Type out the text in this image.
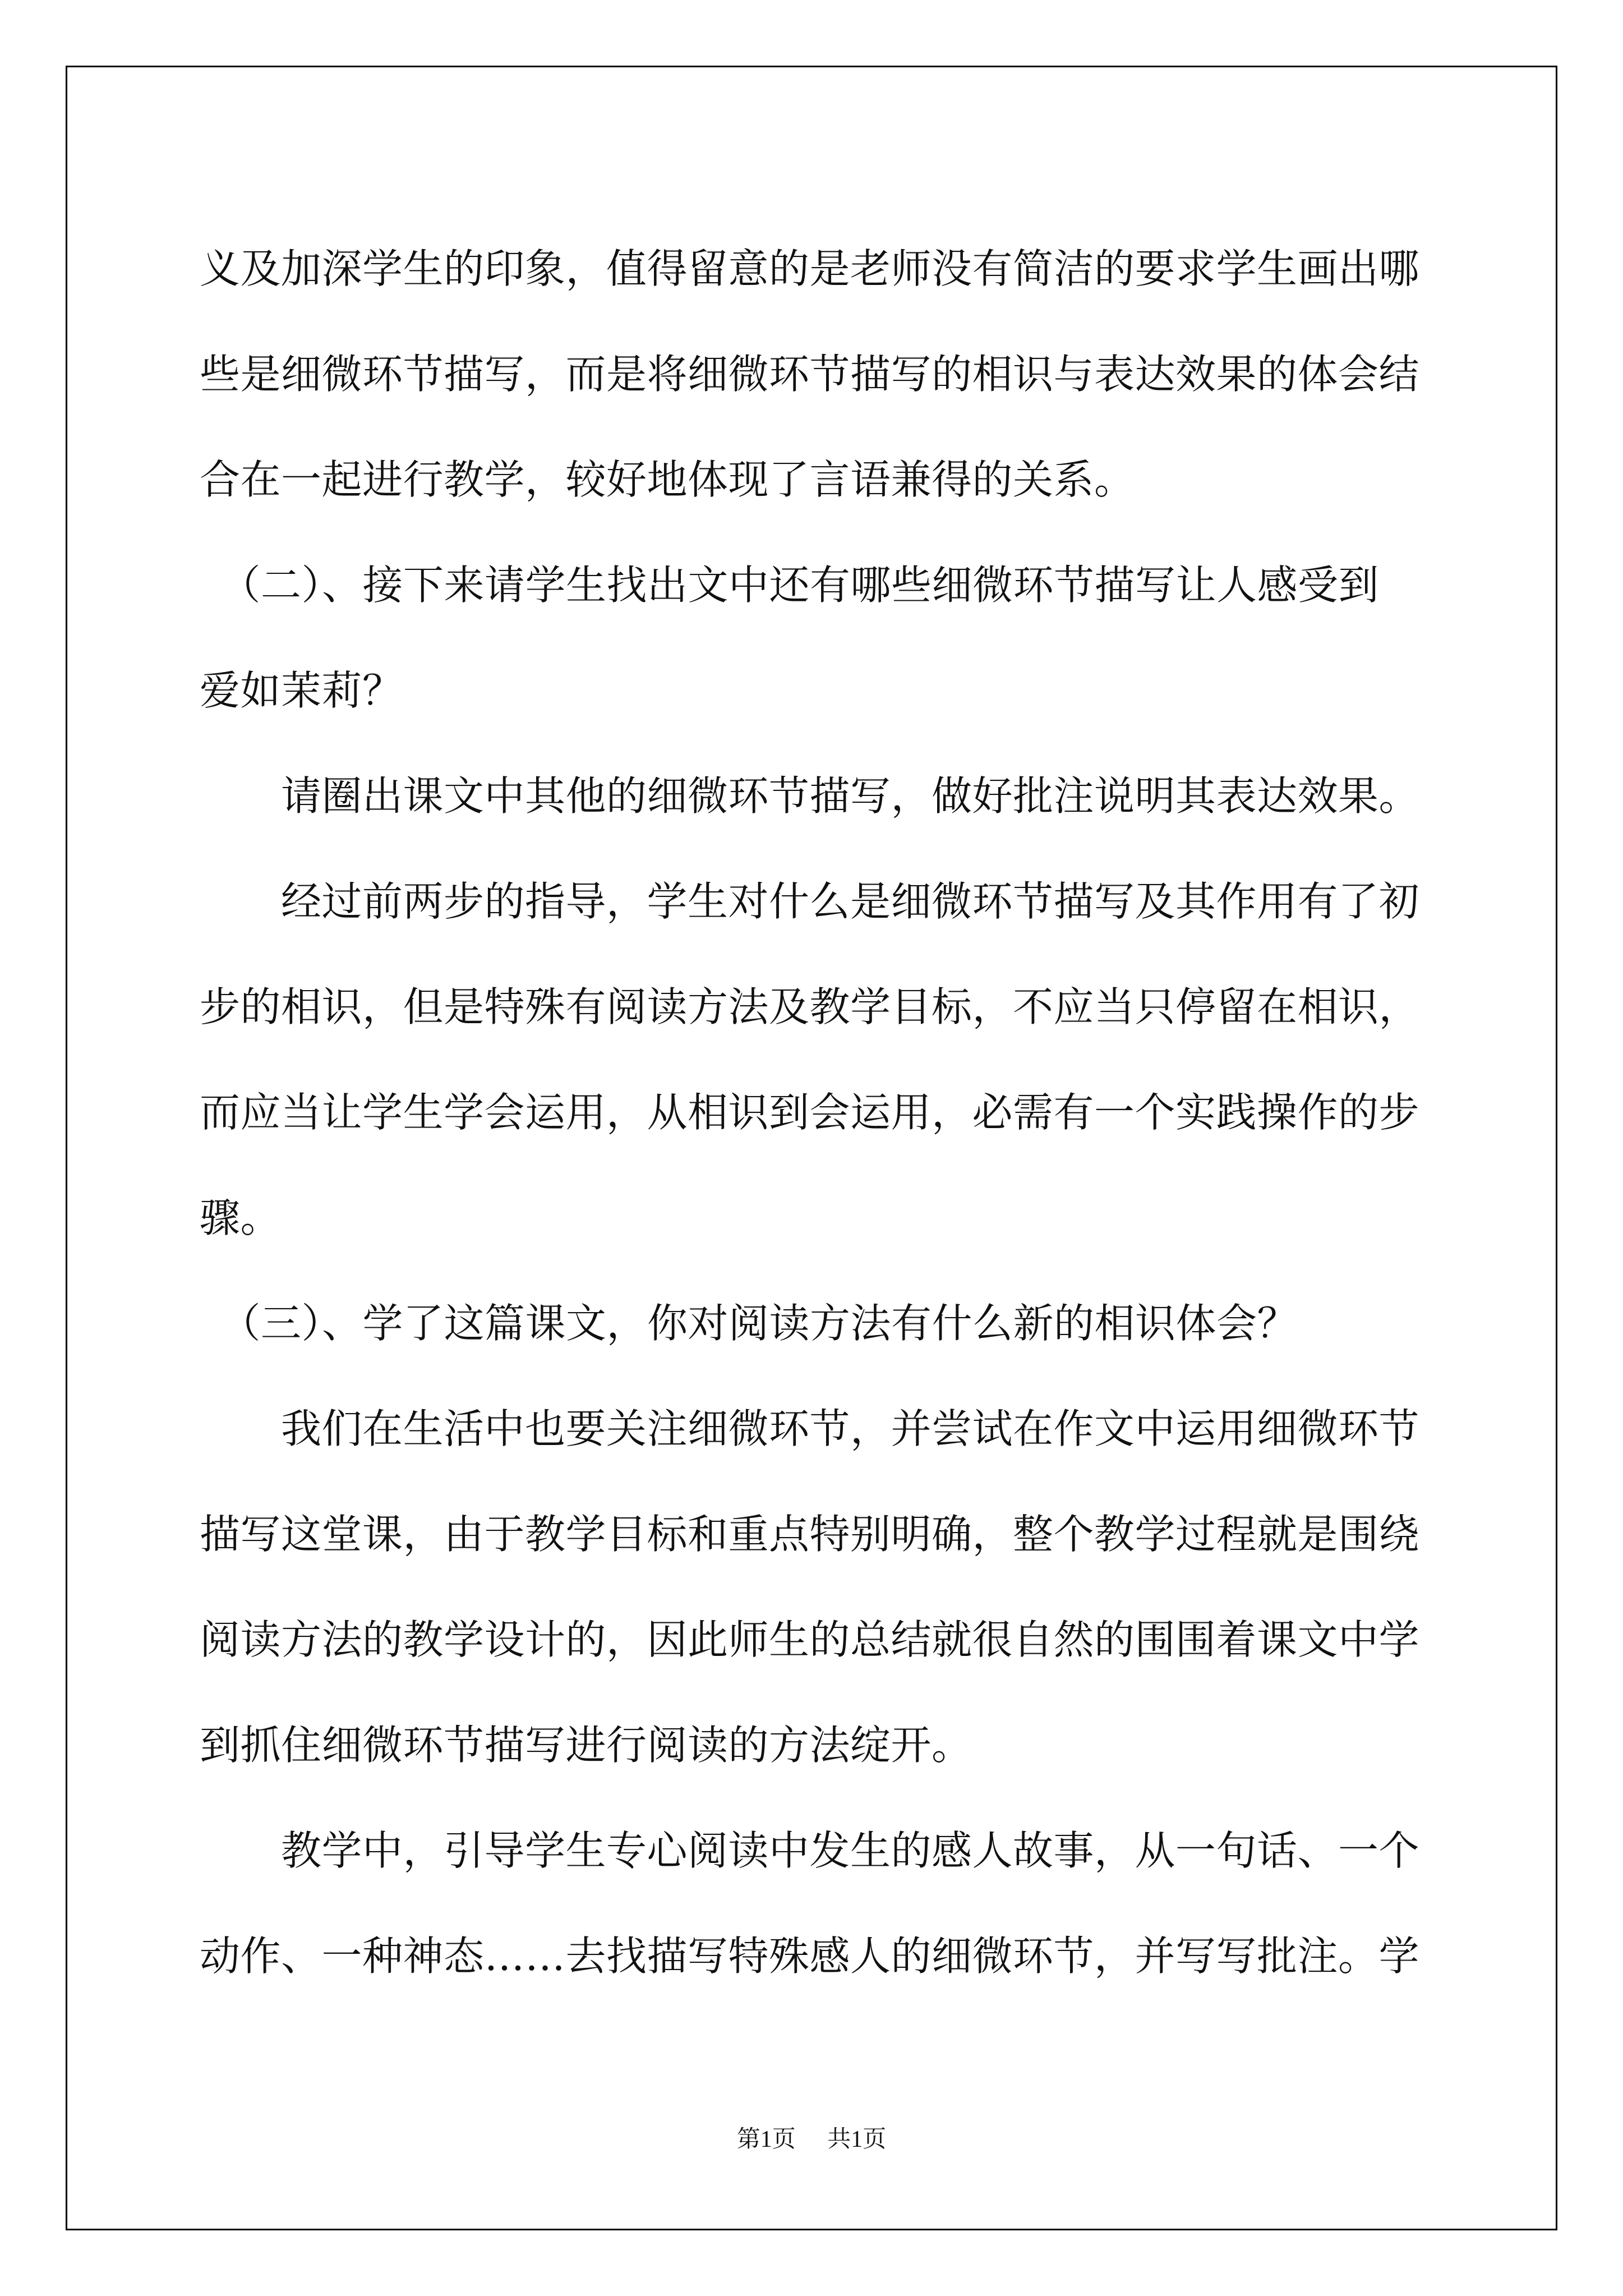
义及加深学生的印象，值得留意的是老师没有简洁的要求学生画出哪
些是细微环节描写，而是将细微环节描写的相识与表达效果的体会结
合在一起进行教学，较好地体现了言语兼得的关系。
　（二）、接下来请学生找出文中还有哪些细微环节描写让人感受到
爱如茉莉？
　　请圈出课文中其他的细微环节描写，做好批注说明其表达效果。
　　经过前两步的指导，学生对什么是细微环节描写及其作用有了初
步的相识，但是特殊有阅读方法及教学目标，不应当只停留在相识，
而应当让学生学会运用，从相识到会运用，必需有一个实践操作的步
骤。
　（三）、学了这篇课文，你对阅读方法有什么新的相识体会？
　　我们在生活中也要关注细微环节，并尝试在作文中运用细微环节
描写这堂课，由于教学目标和重点特别明确，整个教学过程就是围绕
阅读方法的教学设计的，因此师生的总结就很自然的围围着课文中学
到抓住细微环节描写进行阅读的方法绽开。
　　教学中，引导学生专心阅读中发生的感人故事，从一句话、一个
动作、一种神态……去找描写特殊感人的细微环节，并写写批注。学
第1页 共1页
